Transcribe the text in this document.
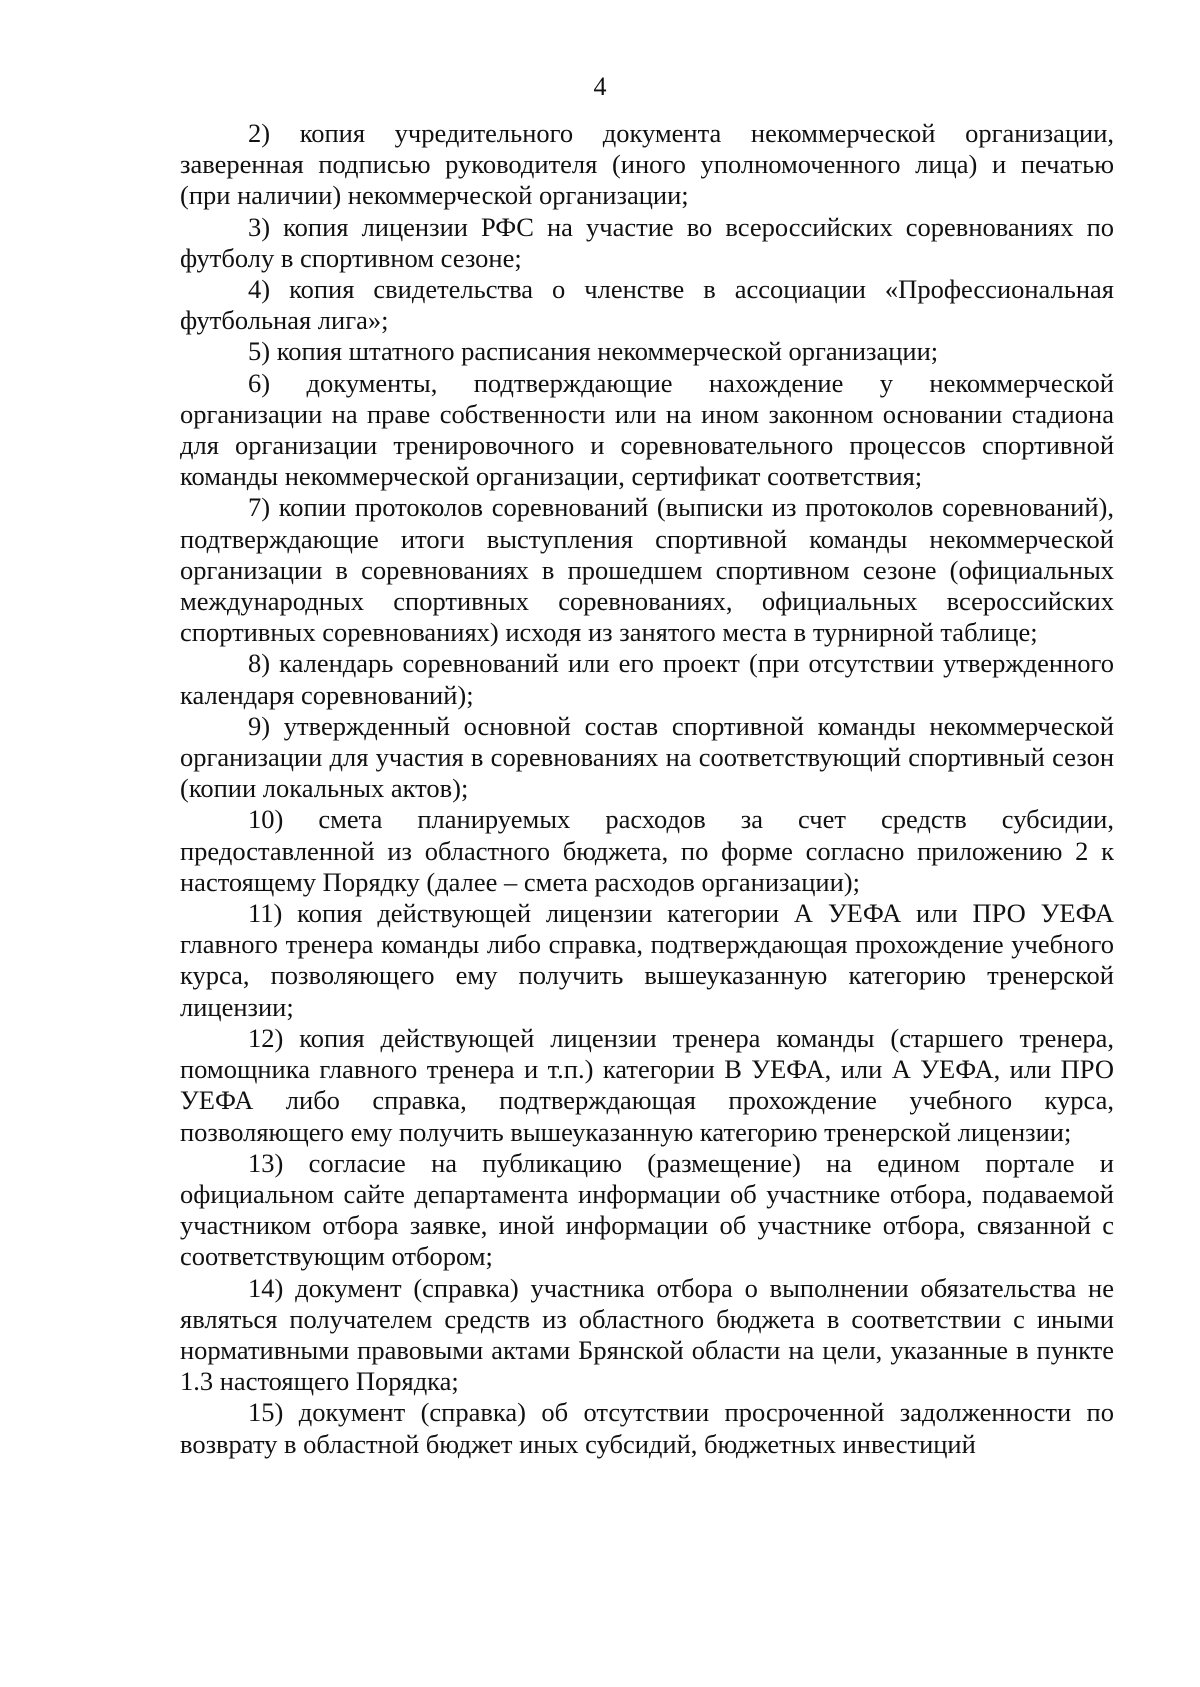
4

2) копия учредительного документа некоммерческой организации, заверенная подписью руководителя (иного уполномоченного лица) и печатью (при наличии) некоммерческой организации;

3) копия лицензии РФС на участие во всероссийских соревнованиях по футболу в спортивном сезоне;

4) копия свидетельства о членстве в ассоциации «Профессиональная футбольная лига»;

5) копия штатного расписания некоммерческой организации;

6) документы, подтверждающие нахождение у некоммерческой организации на праве собственности или на ином законном основании стадиона для организации тренировочного и соревновательного процессов спортивной команды некоммерческой организации, сертификат соответствия;

7) копии протоколов соревнований (выписки из протоколов соревнований), подтверждающие итоги выступления спортивной команды некоммерческой организации в соревнованиях в прошедшем спортивном сезоне (официальных международных спортивных соревнованиях, официальных всероссийских спортивных соревнованиях) исходя из занятого места в турнирной таблице;

8) календарь соревнований или его проект (при отсутствии утвержденного календаря соревнований);

9) утвержденный основной состав спортивной команды некоммерческой организации для участия в соревнованиях на соответствующий спортивный сезон (копии локальных актов);

10) смета планируемых расходов за счет средств субсидии, предоставленной из областного бюджета, по форме согласно приложению 2 к настоящему Порядку (далее – смета расходов организации);

11) копия действующей лицензии категории А УЕФА или ПРО УЕФА главного тренера команды либо справка, подтверждающая прохождение учебного курса, позволяющего ему получить вышеуказанную категорию тренерской лицензии;

12) копия действующей лицензии тренера команды (старшего тренера, помощника главного тренера и т.п.) категории В УЕФА, или А УЕФА, или ПРО УЕФА либо справка, подтверждающая прохождение учебного курса, позволяющего ему получить вышеуказанную категорию тренерской лицензии;

13) согласие на публикацию (размещение) на едином портале и официальном сайте департамента информации об участнике отбора, подаваемой участником отбора заявке, иной информации об участнике отбора, связанной с соответствующим отбором;

14) документ (справка) участника отбора о выполнении обязательства не являться получателем средств из областного бюджета в соответствии с иными нормативными правовыми актами Брянской области на цели, указанные в пункте 1.3 настоящего Порядка;

15) документ (справка) об отсутствии просроченной задолженности по возврату в областной бюджет иных субсидий, бюджетных инвестиций
